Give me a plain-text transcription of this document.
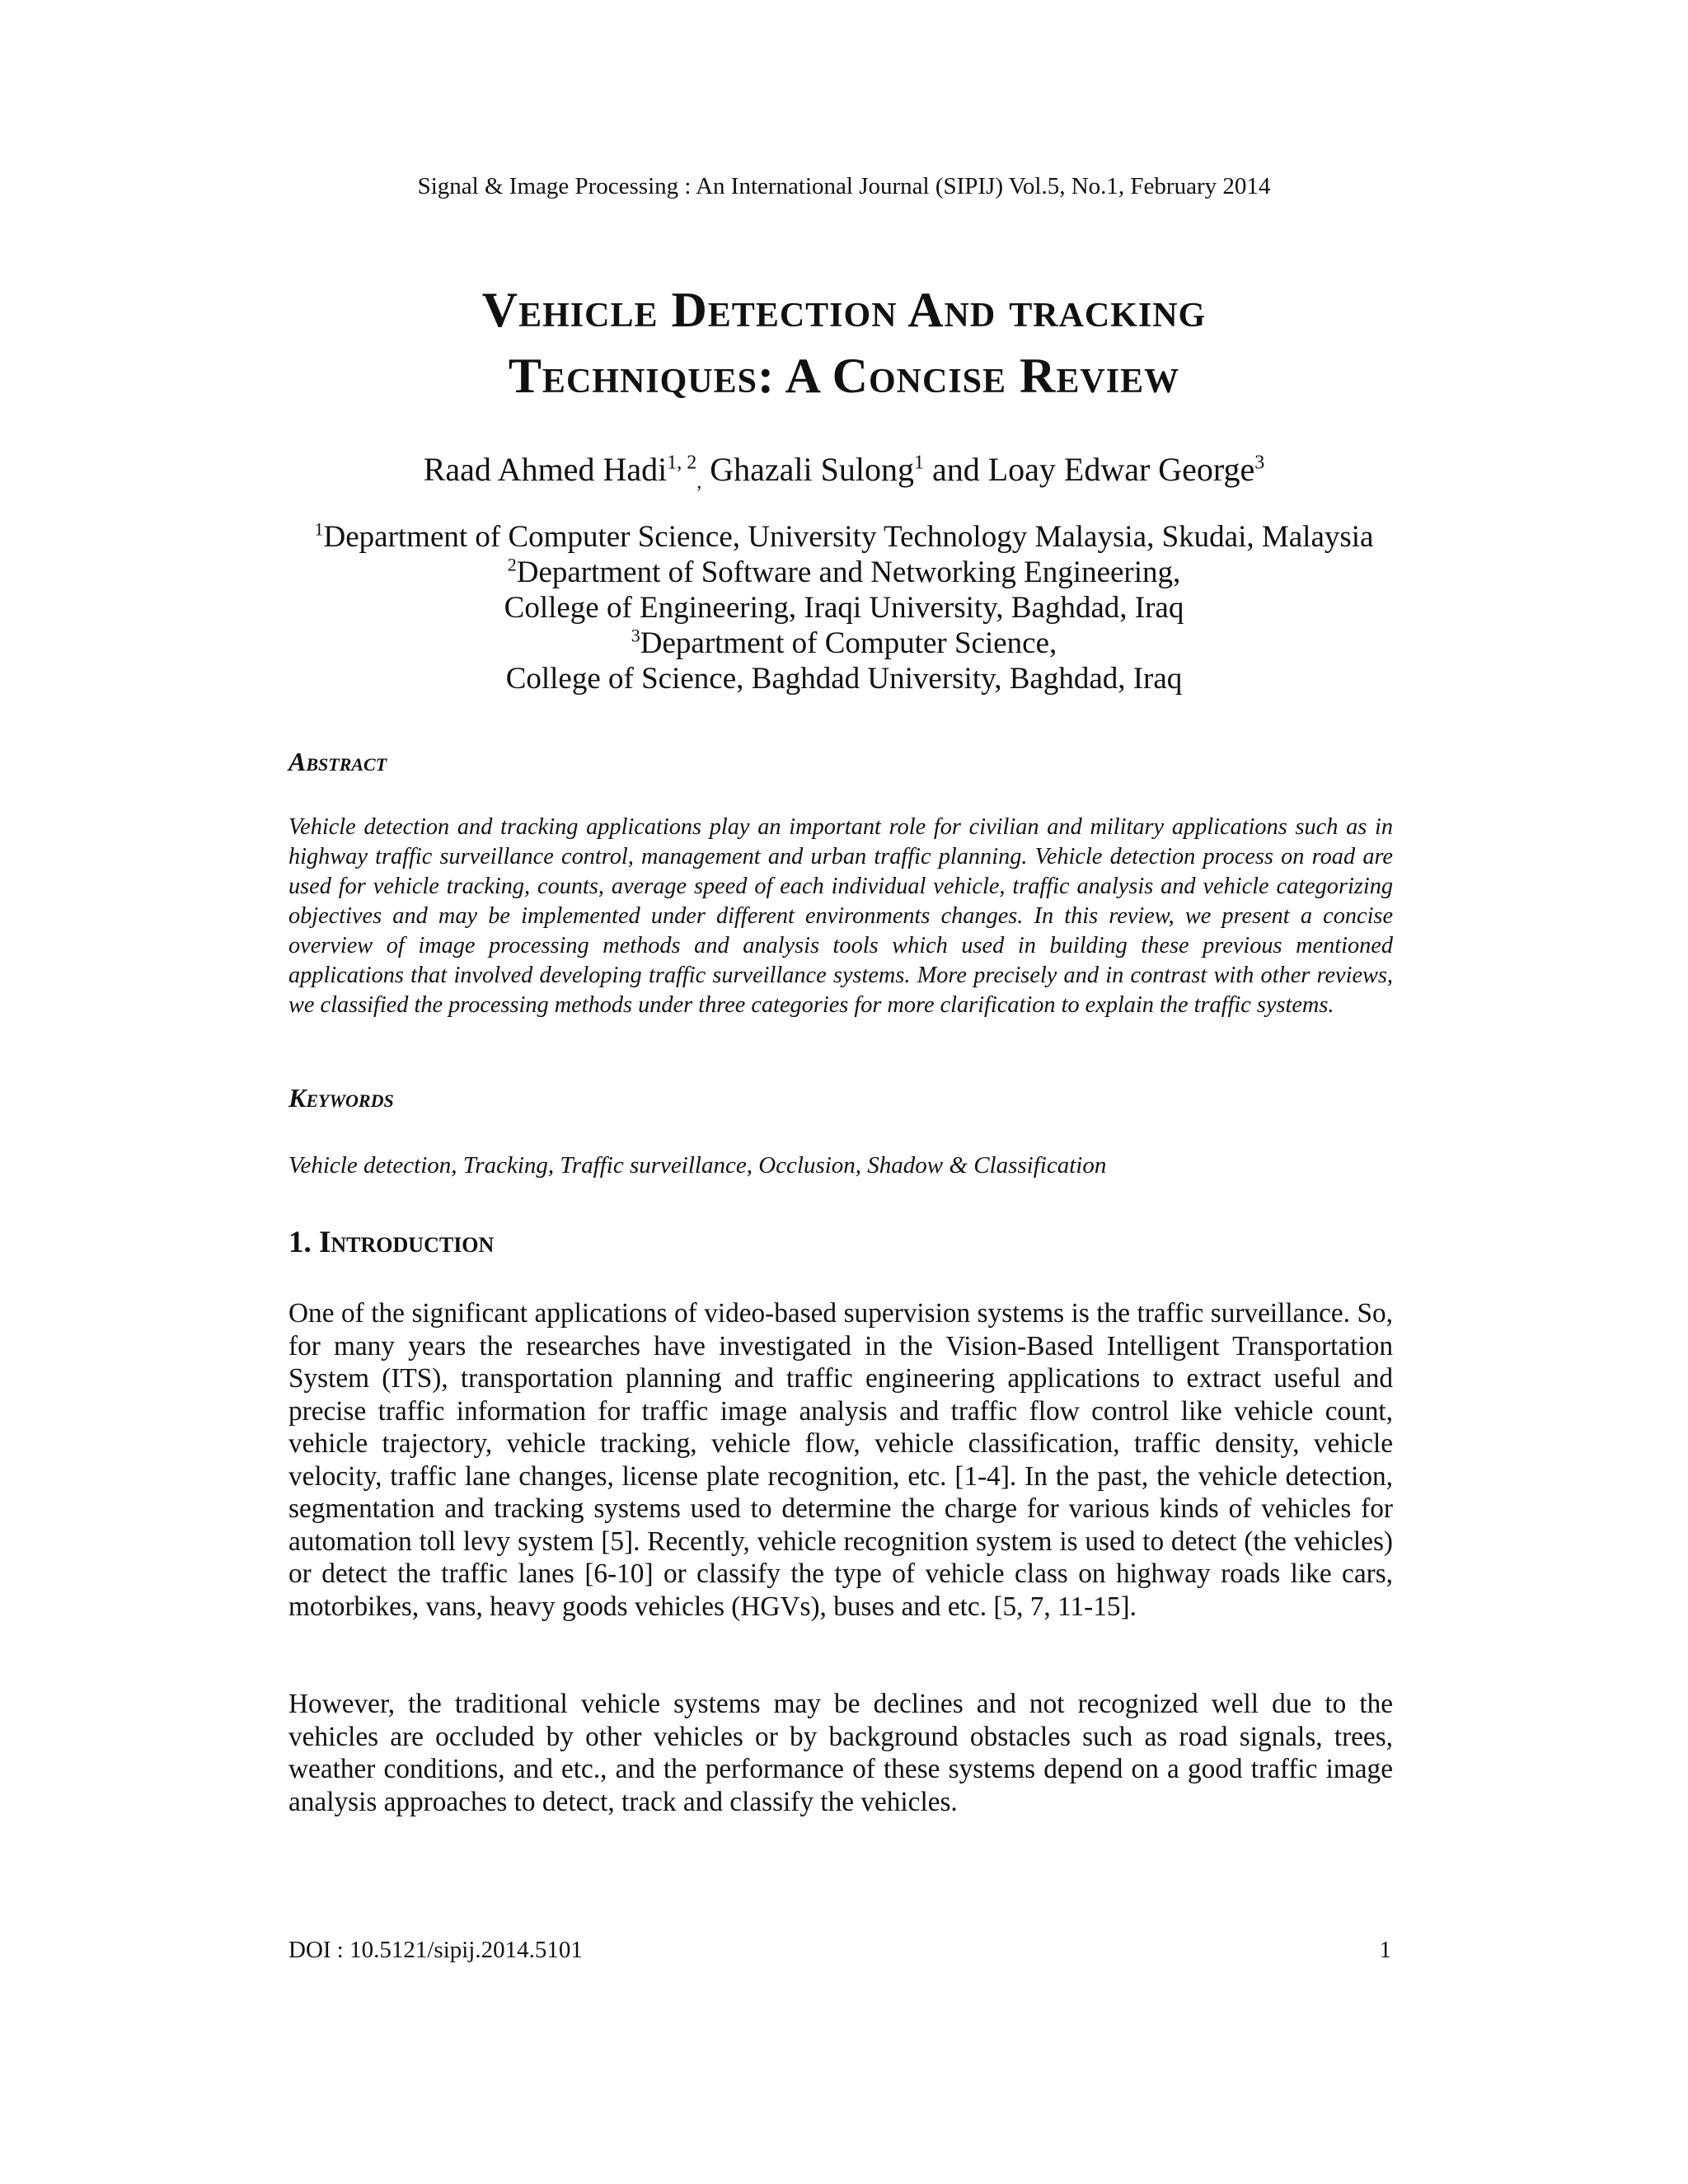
Signal & Image Processing : An International Journal (SIPIJ) Vol.5, No.1, February 2014
Vehicle Detection And tracking
Techniques: A Concise Review
Raad Ahmed Hadi$^{1, 2}_,$ Ghazali Sulong$^1$ and Loay Edwar George$^3$
$^1$Department of Computer Science, University Technology Malaysia, Skudai, Malaysia
$^2$Department of Software and Networking Engineering,
College of Engineering, Iraqi University, Baghdad, Iraq
$^3$Department of Computer Science,
College of Science, Baghdad University, Baghdad, Iraq
Abstract
Vehicle detection and tracking applications play an important role for civilian and military applications such as in highway traffic surveillance control, management and urban traffic planning. Vehicle detection process on road are used for vehicle tracking, counts, average speed of each individual vehicle, traffic analysis and vehicle categorizing objectives and may be implemented under different environments changes. In this review, we present a concise overview of image processing methods and analysis tools which used in building these previous mentioned applications that involved developing traffic surveillance systems. More precisely and in contrast with other reviews, we classified the processing methods under three categories for more clarification to explain the traffic systems.
Keywords
Vehicle detection, Tracking, Traffic surveillance, Occlusion, Shadow & Classification
1. Introduction
One of the significant applications of video-based supervision systems is the traffic surveillance. So, for many years the researches have investigated in the Vision-Based Intelligent Transportation System (ITS), transportation planning and traffic engineering applications to extract useful and precise traffic information for traffic image analysis and traffic flow control like vehicle count, vehicle trajectory, vehicle tracking, vehicle flow, vehicle classification, traffic density, vehicle velocity, traffic lane changes, license plate recognition, etc. [1-4]. In the past, the vehicle detection, segmentation and tracking systems used to determine the charge for various kinds of vehicles for automation toll levy system [5]. Recently, vehicle recognition system is used to detect (the vehicles) or detect the traffic lanes [6-10] or classify the type of vehicle class on highway roads like cars, motorbikes, vans, heavy goods vehicles (HGVs), buses and etc. [5, 7, 11-15].
However, the traditional vehicle systems may be declines and not recognized well due to the vehicles are occluded by other vehicles or by background obstacles such as road signals, trees, weather conditions, and etc., and the performance of these systems depend on a good traffic image analysis approaches to detect, track and classify the vehicles.
DOI : 10.5121/sipij.2014.5101	1
